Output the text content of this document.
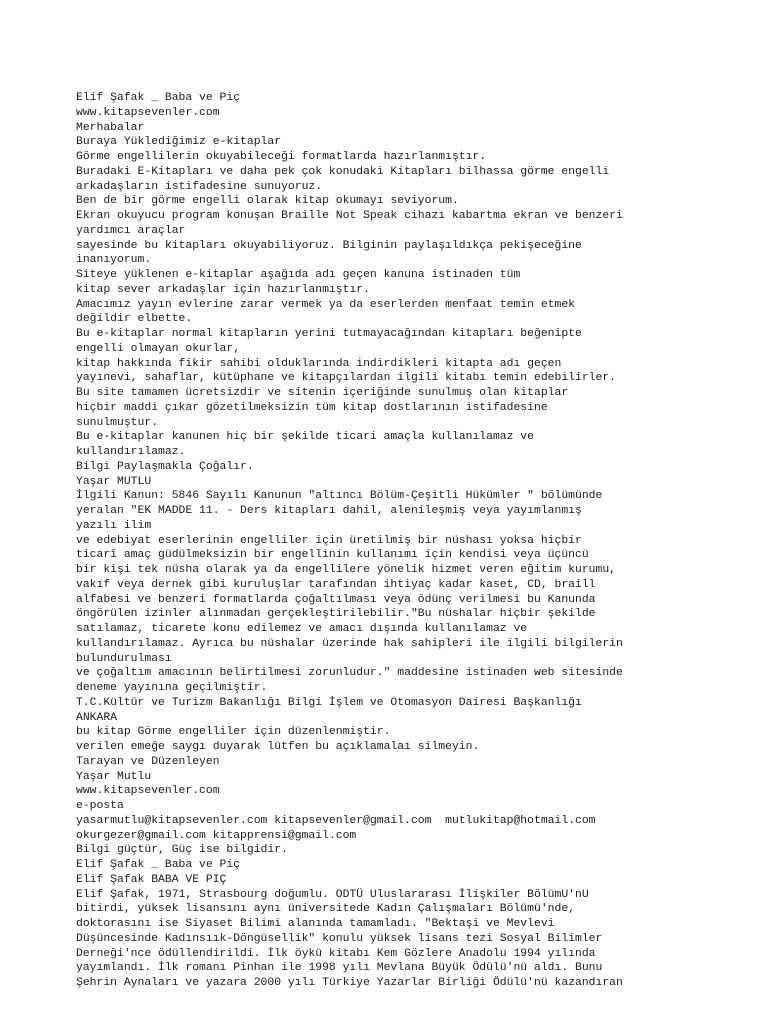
Elif Şafak _ Baba ve Piç
www.kitapsevenler.com
Merhabalar
Buraya Yüklediğimiz e-kitaplar
Görme engellilerin okuyabileceği formatlarda hazırlanmıştır.
Buradaki E-Kitapları ve daha pek çok konudaki Kitapları bilhassa görme engelli
arkadaşların istifadesine sunuyoruz.
Ben de bir görme engelli olarak kitap okumayı seviyorum.
Ekran okuyucu program konuşan Braille Not Speak cihazı kabartma ekran ve benzeri
yardımcı araçlar
sayesinde bu kitapları okuyabiliyoruz. Bilginin paylaşıldıkça pekişeceğine
inanıyorum.
Siteye yüklenen e-kitaplar aşağıda adı geçen kanuna istinaden tüm
kitap sever arkadaşlar için hazırlanmıştır.
Amacımız yayın evlerine zarar vermek ya da eserlerden menfaat temin etmek
değildir elbette.
Bu e-kitaplar normal kitapların yerini tutmayacağından kitapları beğenipte
engelli olmayan okurlar,
kitap hakkında fikir sahibi olduklarında indirdikleri kitapta adı geçen
yayınevi, sahaflar, kütüphane ve kitapçılardan ilgili kitabı temin edebilirler.
Bu site tamamen ücretsizdir ve sitenin içeriğinde sunulmuş olan kitaplar
hiçbir maddi çıkar gözetilmeksizin tüm kitap dostlarının istifadesine
sunulmuştur.
Bu e-kitaplar kanunen hiç bir şekilde ticari amaçla kullanılamaz ve
kullandırılamaz.
Bilgi Paylaşmakla Çoğalır.
Yaşar MUTLU
İlgili Kanun: 5846 Sayılı Kanunun "altıncı Bölüm-Çeşitli Hükümler " bölümünde
yeralan "EK MADDE 11. - Ders kitapları dahil, alenileşmiş veya yayımlanmış
yazılı ilim
ve edebiyat eserlerinin engelliler için üretilmiş bir nüshası yoksa hiçbir
ticarî amaç güdülmeksizin bir engellinin kullanımı için kendisi veya üçüncü
bir kişi tek nüsha olarak ya da engellilere yönelik hizmet veren eğitim kurumu,
vakıf veya dernek gibi kuruluşlar tarafından ihtiyaç kadar kaset, CD, braill
alfabesi ve benzeri formatlarda çoğaltılması veya ödünç verilmesi bu Kanunda
öngörülen izinler alınmadan gerçekleştirilebilir."Bu nüshalar hiçbir şekilde
satılamaz, ticarete konu edilemez ve amacı dışında kullanılamaz ve
kullandırılamaz. Ayrıca bu nüshalar üzerinde hak sahipleri ile ilgili bilgilerin
bulundurulması
ve çoğaltım amacının belirtilmesi zorunludur." maddesine istinaden web sitesinde
deneme yayınına geçilmiştir.
T.C.Kültür ve Turizm Bakanlığı Bilgi İşlem ve Otomasyon Dairesi Başkanlığı
ANKARA
bu kitap Görme engelliler için düzenlenmiştir.
verilen emeğe saygı duyarak lütfen bu açıklamalaı silmeyin.
Tarayan ve Düzenleyen
Yaşar Mutlu
www.kitapsevenler.com
e-posta
yasarmutlu@kitapsevenler.com kitapsevenler@gmail.com  mutlukitap@hotmail.com
okurgezer@gmail.com kitapprensi@gmail.com
Bilgi güçtür, Güç ise bilgidir.
Elif Şafak _ Baba ve Piç
Elif Şafak BABA VE PIÇ
Elif Şafak, 1971, Strasbourg doğumlu. ODTÜ Uluslararası İlişkiler BölümU'nU
bitirdi, yüksek lisansını aynı üniversitede Kadın Çalışmaları Bölümü'nde,
doktorasını ise Siyaset Bilimi alanında tamamladı. "Bektaşi ve Mevlevi
Düşüncesinde Kadınsıık-Döngüsellik" konulu yüksek lisans tezi Sosyal Bilimler
Derneği'nce ödüllendirildi. İlk öykü kitabı Kem Gözlere Anadolu 1994 yılında
yayımlandı. İlk romanı Pinhan ile 1998 yılı Mevlana Büyük Ödülü'nü aldı. Bunu
Şehrin Aynaları ve yazara 2000 yılı Türkiye Yazarlar Birliği Ödülü'nü kazandıran
